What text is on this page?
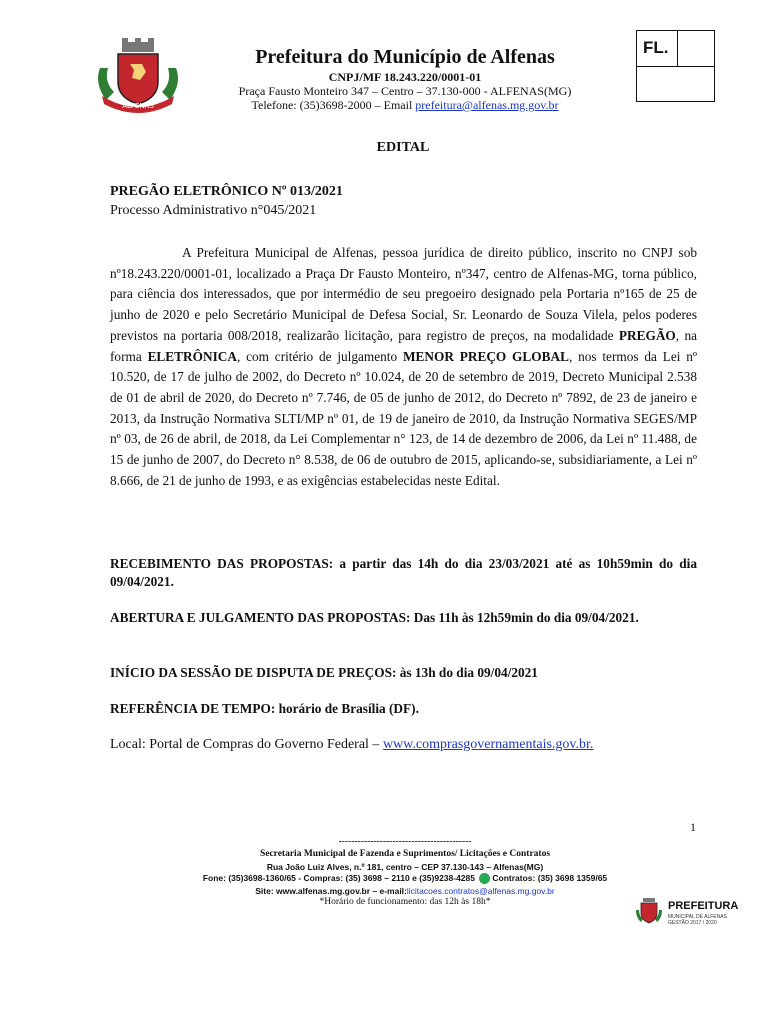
ALFENAS
Prefeitura do Município de Alfenas
CNPJ/MF 18.243.220/0001-01
Praça Fausto Monteiro 347 – Centro – 37.130-000 - ALFENAS(MG)
Telefone: (35)3698-2000 – Email prefeitura@alfenas.mg.gov.br
FL.
EDITAL
PREGÃO ELETRÔNICO Nº 013/2021
Processo Administrativo n°045/2021
A Prefeitura Municipal de Alfenas, pessoa jurídica de direito público, inscrito no CNPJ sob nº18.243.220/0001-01, localizado a Praça Dr Fausto Monteiro, nº347, centro de Alfenas-MG, torna público, para ciência dos interessados, que por intermédio de seu pregoeiro designado pela Portaria nº165 de 25 de junho de 2020 e pelo Secretário Municipal de Defesa Social, Sr. Leonardo de Souza Vilela, pelos poderes previstos na portaria 008/2018, realizarão licitação, para registro de preços, na modalidade PREGÃO, na forma ELETRÔNICA, com critério de julgamento MENOR PREÇO GLOBAL, nos termos da Lei nº 10.520, de 17 de julho de 2002, do Decreto nº 10.024, de 20 de setembro de 2019, Decreto Municipal 2.538 de 01 de abril de 2020, do Decreto nº 7.746, de 05 de junho de 2012, do Decreto nº 7892, de 23 de janeiro e 2013, da Instrução Normativa SLTI/MP nº 01, de 19 de janeiro de 2010, da Instrução Normativa SEGES/MP nº 03, de 26 de abril, de 2018, da Lei Complementar n° 123, de 14 de dezembro de 2006, da Lei nº 11.488, de 15 de junho de 2007, do Decreto n° 8.538, de 06 de outubro de 2015, aplicando-se, subsidiariamente, a Lei nº 8.666, de 21 de junho de 1993, e as exigências estabelecidas neste Edital.
RECEBIMENTO DAS PROPOSTAS: a partir das 14h do dia 23/03/2021 até as 10h59min do dia 09/04/2021.
ABERTURA E JULGAMENTO DAS PROPOSTAS: Das 11h às 12h59min do dia 09/04/2021.
INÍCIO DA SESSÃO DE DISPUTA DE PREÇOS: às 13h do dia 09/04/2021
REFERÊNCIA DE TEMPO: horário de Brasília (DF).
Local: Portal de Compras do Governo Federal – www.comprasgovernamentais.gov.br.
1
------------------------------------------
Secretaria Municipal de Fazenda e Suprimentos/ Licitações e Contratos
Rua João Luiz Alves, n.º 181, centro – CEP 37.130-143 – Alfenas(MG)
Fone: (35)3698-1360/65 - Compras: (35) 3698 – 2110 e (35)9238-4285 Contratos: (35) 3698 1359/65
Site: www.alfenas.mg.gov.br – e-mail:licitacoes.contratos@alfenas.mg.gov.br
*Horário de funcionamento: das 12h às 18h*	PREFEITURA
MUNICIPAL DE ALFENAS
GESTÃO 2017 / 2020
